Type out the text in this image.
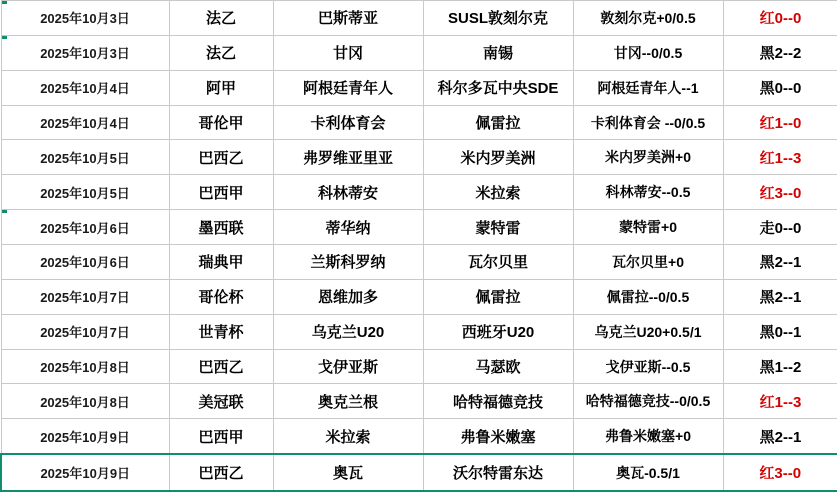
2025年10月3日	法乙	巴斯蒂亚	SUSL敦刻尔克	敦刻尔克+0/0.5	红0--0
2025年10月3日	法乙	甘冈	南锡	甘冈--0/0.5	黑2--2
2025年10月4日	阿甲	阿根廷青年人	科尔多瓦中央SDE	阿根廷青年人--1	黑0--0
2025年10月4日	哥伦甲	卡利体育会	佩雷拉	卡利体育会 --0/0.5	红1--0
2025年10月5日	巴西乙	弗罗维亚里亚	米内罗美洲	米内罗美洲+0	红1--3
2025年10月5日	巴西甲	科林蒂安	米拉索	科林蒂安--0.5	红3--0
2025年10月6日	墨西联	蒂华纳	蒙特雷	蒙特雷+0	走0--0
2025年10月6日	瑞典甲	兰斯科罗纳	瓦尔贝里	瓦尔贝里+0	黑2--1
2025年10月7日	哥伦杯	恩维加多	佩雷拉	佩雷拉--0/0.5	黑2--1
2025年10月7日	世青杯	乌克兰U20	西班牙U20	乌克兰U20+0.5/1	黑0--1
2025年10月8日	巴西乙	戈伊亚斯	马瑟欧	戈伊亚斯--0.5	黑1--2
2025年10月8日	美冠联	奥克兰根	哈特福德竞技	哈特福德竞技--0/0.5	红1--3
2025年10月9日	巴西甲	米拉索	弗鲁米嫩塞	弗鲁米嫩塞+0	黑2--1
2025年10月9日	巴西乙	奥瓦	沃尔特雷东达	奥瓦-0.5/1	红3--0
